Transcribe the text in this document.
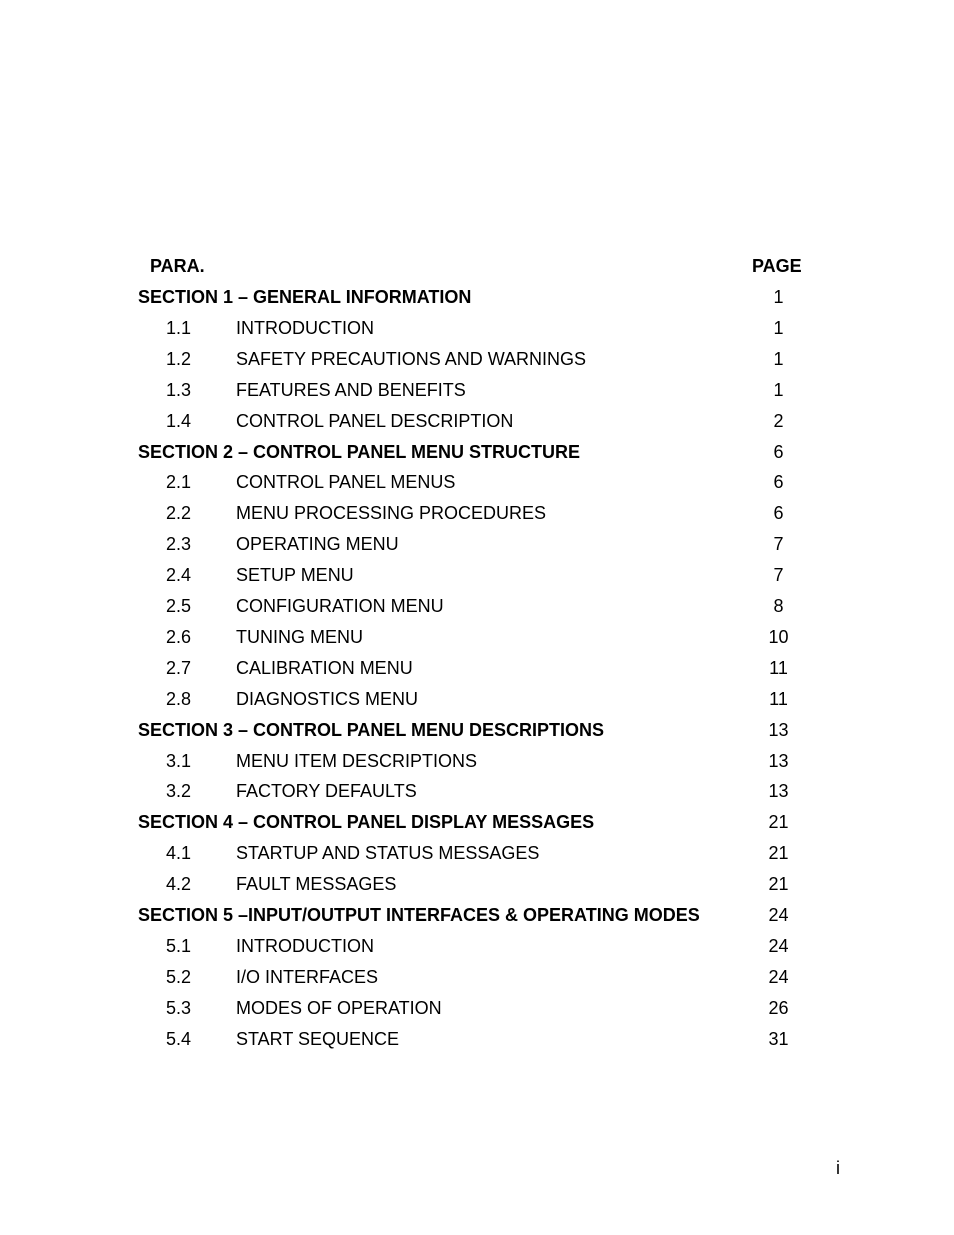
PARA.	PAGE
SECTION 1 – GENERAL INFORMATION	1
1.1 INTRODUCTION	1
1.2 SAFETY PRECAUTIONS AND WARNINGS	1
1.3 FEATURES AND BENEFITS	1
1.4 CONTROL PANEL DESCRIPTION	2
SECTION 2 – CONTROL PANEL MENU STRUCTURE	6
2.1 CONTROL PANEL MENUS	6
2.2 MENU PROCESSING PROCEDURES	6
2.3 OPERATING MENU	7
2.4 SETUP MENU	7
2.5 CONFIGURATION MENU	8
2.6 TUNING MENU	10
2.7 CALIBRATION MENU	11
2.8 DIAGNOSTICS MENU	11
SECTION 3 – CONTROL PANEL MENU DESCRIPTIONS	13
3.1 MENU ITEM DESCRIPTIONS	13
3.2 FACTORY DEFAULTS	13
SECTION 4 – CONTROL PANEL DISPLAY MESSAGES	21
4.1 STARTUP AND STATUS MESSAGES	21
4.2 FAULT MESSAGES	21
SECTION 5 –INPUT/OUTPUT INTERFACES & OPERATING MODES	24
5.1 INTRODUCTION	24
5.2 I/O INTERFACES	24
5.3 MODES OF OPERATION	26
5.4 START SEQUENCE	31
i
